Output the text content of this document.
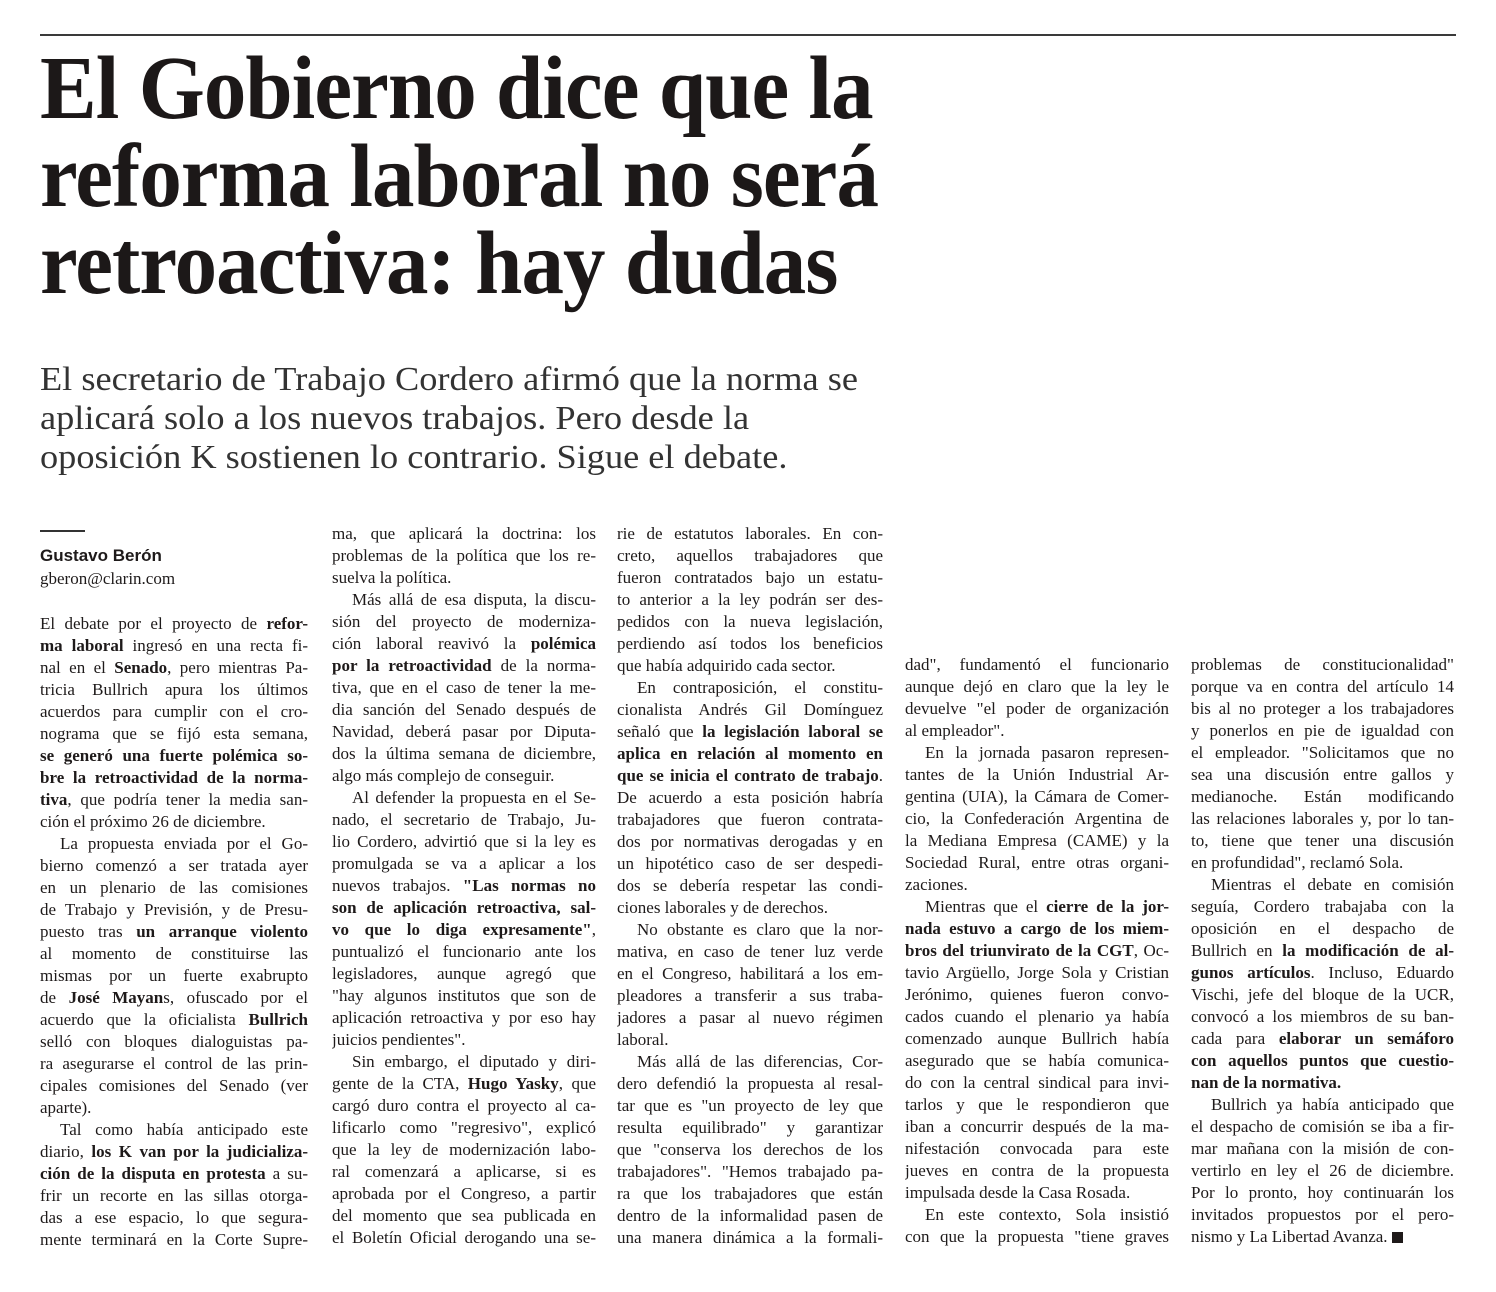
El Gobierno dice que la
reforma laboral no será
retroactiva: hay dudas
El secretario de Trabajo Cordero afirmó que la norma se
aplicará solo a los nuevos trabajos. Pero desde la
oposición K sostienen lo contrario. Sigue el debate.
Gustavo Berón
gberon@clarin.com
El debate por el proyecto de refor-
ma laboral ingresó en una recta fi-
nal en el Senado, pero mientras Pa-
tricia Bullrich apura los últimos
acuerdos para cumplir con el cro-
nograma que se fijó esta semana,
se generó una fuerte polémica so-
bre la retroactividad de la norma-
tiva, que podría tener la media san-
ción el próximo 26 de diciembre.
La propuesta enviada por el Go-
bierno comenzó a ser tratada ayer
en un plenario de las comisiones
de Trabajo y Previsión, y de Presu-
puesto tras un arranque violento
al momento de constituirse las
mismas por un fuerte exabrupto
de José Mayans, ofuscado por el
acuerdo que la oficialista Bullrich
selló con bloques dialoguistas pa-
ra asegurarse el control de las prin-
cipales comisiones del Senado (ver
aparte).
Tal como había anticipado este
diario, los K van por la judicializa-
ción de la disputa en protesta a su-
frir un recorte en las sillas otorga-
das a ese espacio, lo que segura-
mente terminará en la Corte Supre-
ma, que aplicará la doctrina: los
problemas de la política que los re-
suelva la política.
Más allá de esa disputa, la discu-
sión del proyecto de moderniza-
ción laboral reavivó la polémica
por la retroactividad de la norma-
tiva, que en el caso de tener la me-
dia sanción del Senado después de
Navidad, deberá pasar por Diputa-
dos la última semana de diciembre,
algo más complejo de conseguir.
Al defender la propuesta en el Se-
nado, el secretario de Trabajo, Ju-
lio Cordero, advirtió que si la ley es
promulgada se va a aplicar a los
nuevos trabajos. "Las normas no
son de aplicación retroactiva, sal-
vo que lo diga expresamente",
puntualizó el funcionario ante los
legisladores, aunque agregó que
"hay algunos institutos que son de
aplicación retroactiva y por eso hay
juicios pendientes".
Sin embargo, el diputado y diri-
gente de la CTA, Hugo Yasky, que
cargó duro contra el proyecto al ca-
lificarlo como "regresivo", explicó
que la ley de modernización labo-
ral comenzará a aplicarse, si es
aprobada por el Congreso, a partir
del momento que sea publicada en
el Boletín Oficial derogando una se-
rie de estatutos laborales. En con-
creto, aquellos trabajadores que
fueron contratados bajo un estatu-
to anterior a la ley podrán ser des-
pedidos con la nueva legislación,
perdiendo así todos los beneficios
que había adquirido cada sector.
En contraposición, el constitu-
cionalista Andrés Gil Domínguez
señaló que la legislación laboral se
aplica en relación al momento en
que se inicia el contrato de trabajo.
De acuerdo a esta posición habría
trabajadores que fueron contrata-
dos por normativas derogadas y en
un hipotético caso de ser despedi-
dos se debería respetar las condi-
ciones laborales y de derechos.
No obstante es claro que la nor-
mativa, en caso de tener luz verde
en el Congreso, habilitará a los em-
pleadores a transferir a sus traba-
jadores a pasar al nuevo régimen
laboral.
Más allá de las diferencias, Cor-
dero defendió la propuesta al resal-
tar que es "un proyecto de ley que
resulta equilibrado" y garantizar
que "conserva los derechos de los
trabajadores". "Hemos trabajado pa-
ra que los trabajadores que están
dentro de la informalidad pasen de
una manera dinámica a la formali-
dad", fundamentó el funcionario
aunque dejó en claro que la ley le
devuelve "el poder de organización
al empleador".
En la jornada pasaron represen-
tantes de la Unión Industrial Ar-
gentina (UIA), la Cámara de Comer-
cio, la Confederación Argentina de
la Mediana Empresa (CAME) y la
Sociedad Rural, entre otras organi-
zaciones.
Mientras que el cierre de la jor-
nada estuvo a cargo de los miem-
bros del triunvirato de la CGT, Oc-
tavio Argüello, Jorge Sola y Cristian
Jerónimo, quienes fueron convo-
cados cuando el plenario ya había
comenzado aunque Bullrich había
asegurado que se había comunica-
do con la central sindical para invi-
tarlos y que le respondieron que
iban a concurrir después de la ma-
nifestación convocada para este
jueves en contra de la propuesta
impulsada desde la Casa Rosada.
En este contexto, Sola insistió
con que la propuesta "tiene graves
problemas de constitucionalidad"
porque va en contra del artículo 14
bis al no proteger a los trabajadores
y ponerlos en pie de igualdad con
el empleador. "Solicitamos que no
sea una discusión entre gallos y
medianoche. Están modificando
las relaciones laborales y, por lo tan-
to, tiene que tener una discusión
en profundidad", reclamó Sola.
Mientras el debate en comisión
seguía, Cordero trabajaba con la
oposición en el despacho de
Bullrich en la modificación de al-
gunos artículos. Incluso, Eduardo
Vischi, jefe del bloque de la UCR,
convocó a los miembros de su ban-
cada para elaborar un semáforo
con aquellos puntos que cuestio-
nan de la normativa.
Bullrich ya había anticipado que
el despacho de comisión se iba a fir-
mar mañana con la misión de con-
vertirlo en ley el 26 de diciembre.
Por lo pronto, hoy continuarán los
invitados propuestos por el pero-
nismo y La Libertad Avanza.
